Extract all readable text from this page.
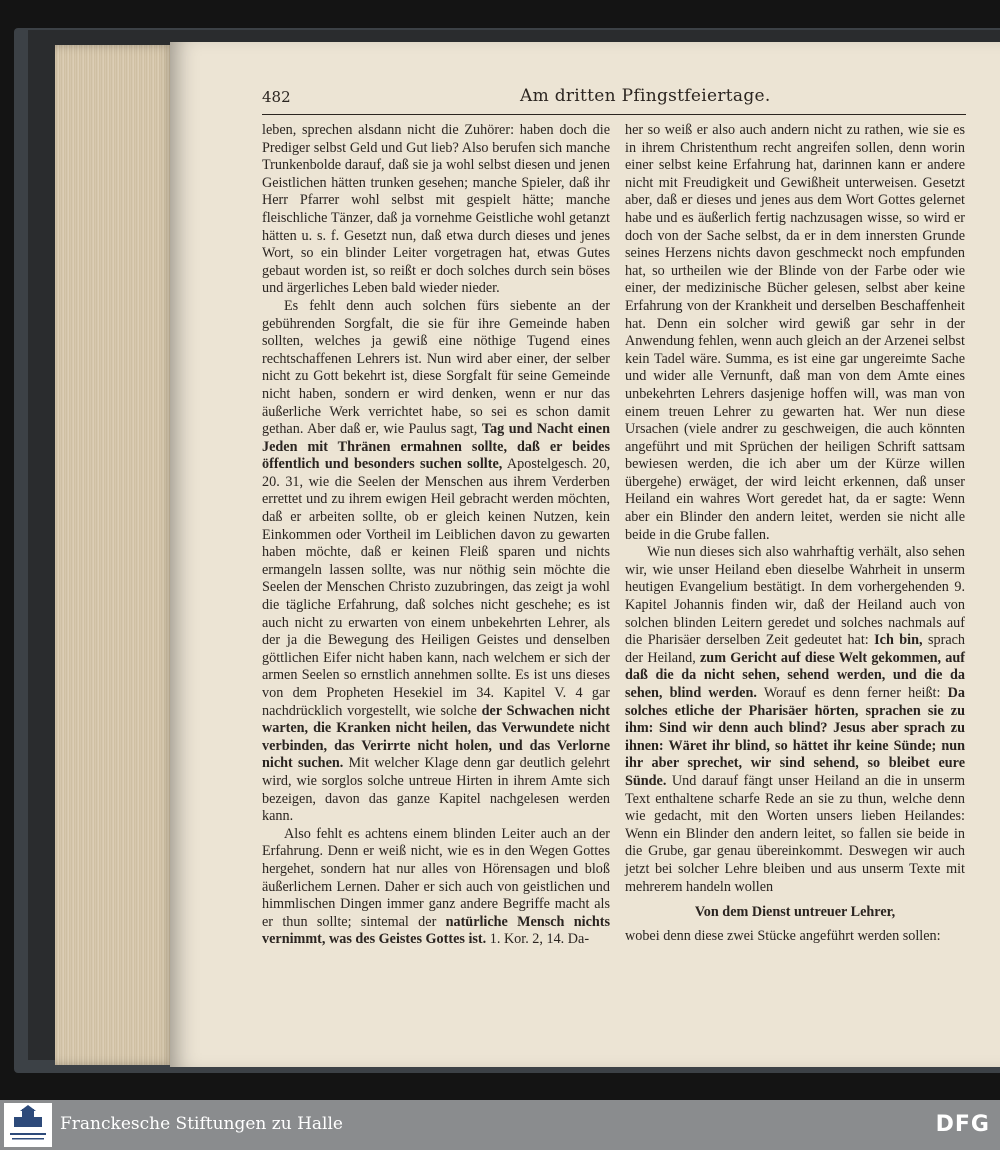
482	Am dritten Pfingstfeiertage.

leben, sprechen alsdann nicht die Zuhörer: haben doch die Prediger selbst Geld und Gut lieb? Also berufen sich manche Trunkenbolde darauf, daß sie ja wohl selbst diesen und jenen Geistlichen hätten trunken gesehen; manche Spieler, daß ihr Herr Pfarrer wohl selbst mit gespielt hätte; manche fleischliche Tänzer, daß ja vornehme Geistliche wohl getanzt hätten u. s. f. Gesetzt nun, daß etwa durch dieses und jenes Wort, so ein blinder Leiter vorgetragen hat, etwas Gutes gebaut worden ist, so reißt er doch solches durch sein böses und ärgerliches Leben bald wieder nieder.

Es fehlt denn auch solchen fürs siebente an der gebührenden Sorgfalt, die sie für ihre Gemeinde haben sollten, welches ja gewiß eine nöthige Tugend eines rechtschaffenen Lehrers ist. Nun wird aber einer, der selber nicht zu Gott bekehrt ist, diese Sorgfalt für seine Gemeinde nicht haben, sondern er wird denken, wenn er nur das äußerliche Werk verrichtet habe, so sei es schon damit gethan. Aber daß er, wie Paulus sagt, Tag und Nacht einen Jeden mit Thränen ermahnen sollte, daß er beides öffentlich und besonders suchen sollte, Apostelgesch. 20, 20. 31, wie die Seelen der Menschen aus ihrem Verderben errettet und zu ihrem ewigen Heil gebracht werden möchten, daß er arbeiten sollte, ob er gleich keinen Nutzen, kein Einkommen oder Vortheil im Leiblichen davon zu gewarten haben möchte, daß er keinen Fleiß sparen und nichts ermangeln lassen sollte, was nur nöthig sein möchte die Seelen der Menschen Christo zuzubringen, das zeigt ja wohl die tägliche Erfahrung, daß solches nicht geschehe; es ist auch nicht zu erwarten von einem unbekehrten Lehrer, als der ja die Bewegung des Heiligen Geistes und denselben göttlichen Eifer nicht haben kann, nach welchem er sich der armen Seelen so ernstlich annehmen sollte. Es ist uns dieses von dem Propheten Hesekiel im 34. Kapitel V. 4 gar nachdrücklich vorgestellt, wie solche der Schwachen nicht warten, die Kranken nicht heilen, das Verwundete nicht verbinden, das Verirrte nicht holen, und das Verlorne nicht suchen. Mit welcher Klage denn gar deutlich gelehrt wird, wie sorglos solche untreue Hirten in ihrem Amte sich bezeigen, davon das ganze Kapitel nachgelesen werden kann.

Also fehlt es achtens einem blinden Leiter auch an der Erfahrung. Denn er weiß nicht, wie es in den Wegen Gottes hergehet, sondern hat nur alles von Hörensagen und bloß äußerlichem Lernen. Daher er sich auch von geistlichen und himmlischen Dingen immer ganz andere Begriffe macht als er thun sollte; sintemal der natürliche Mensch nichts vernimmt, was des Geistes Gottes ist. 1. Kor. 2, 14. Da-

her so weiß er also auch andern nicht zu rathen, wie sie es in ihrem Christenthum recht angreifen sollen, denn worin einer selbst keine Erfahrung hat, darinnen kann er andere nicht mit Freudigkeit und Gewißheit unterweisen. Gesetzt aber, daß er dieses und jenes aus dem Wort Gottes gelernet habe und es äußerlich fertig nachzusagen wisse, so wird er doch von der Sache selbst, da er in dem innersten Grunde seines Herzens nichts davon geschmeckt noch empfunden hat, so urtheilen wie der Blinde von der Farbe oder wie einer, der medizinische Bücher gelesen, selbst aber keine Erfahrung von der Krankheit und derselben Beschaffenheit hat. Denn ein solcher wird gewiß gar sehr in der Anwendung fehlen, wenn auch gleich an der Arzenei selbst kein Tadel wäre. Summa, es ist eine gar ungereimte Sache und wider alle Vernunft, daß man von dem Amte eines unbekehrten Lehrers dasjenige hoffen will, was man von einem treuen Lehrer zu gewarten hat. Wer nun diese Ursachen (viele andrer zu geschweigen, die auch könnten angeführt und mit Sprüchen der heiligen Schrift sattsam bewiesen werden, die ich aber um der Kürze willen übergehe) erwäget, der wird leicht erkennen, daß unser Heiland ein wahres Wort geredet hat, da er sagte: Wenn aber ein Blinder den andern leitet, werden sie nicht alle beide in die Grube fallen.

Wie nun dieses sich also wahrhaftig verhält, also sehen wir, wie unser Heiland eben dieselbe Wahrheit in unserm heutigen Evangelium bestätigt. In dem vorhergehenden 9. Kapitel Johannis finden wir, daß der Heiland auch von solchen blinden Leitern geredet und solches nachmals auf die Pharisäer derselben Zeit gedeutet hat: Ich bin, sprach der Heiland, zum Gericht auf diese Welt gekommen, auf daß die da nicht sehen, sehend werden, und die da sehen, blind werden. Worauf es denn ferner heißt: Da solches etliche der Pharisäer hörten, sprachen sie zu ihm: Sind wir denn auch blind? Jesus aber sprach zu ihnen: Wäret ihr blind, so hättet ihr keine Sünde; nun ihr aber sprechet, wir sind sehend, so bleibet eure Sünde. Und darauf fängt unser Heiland an die in unserm Text enthaltene scharfe Rede an sie zu thun, welche denn wie gedacht, mit den Worten unsers lieben Heilandes: Wenn ein Blinder den andern leitet, so fallen sie beide in die Grube, gar genau übereinkommt. Deswegen wir auch jetzt bei solcher Lehre bleiben und aus unserm Texte mit mehrerem handeln wollen

Von dem Dienst untreuer Lehrer,

wobei denn diese zwei Stücke angeführt werden sollen:

Franckesche Stiftungen zu Halle	DFG
